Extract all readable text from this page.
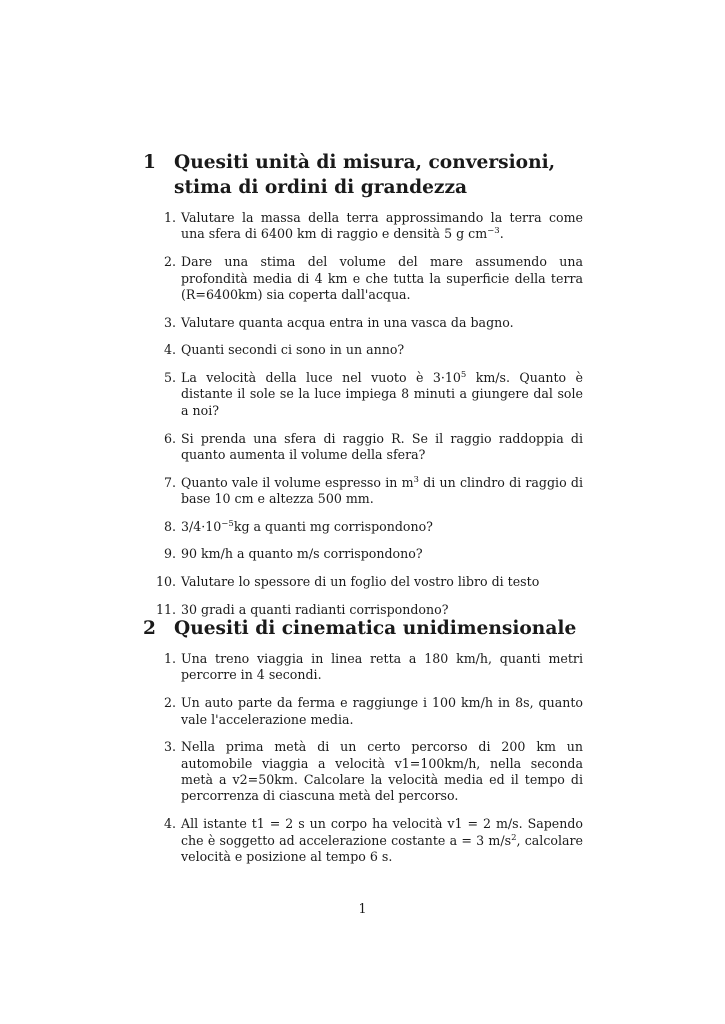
1 Quesiti unità di misura, conversioni, stima di ordini di grandezza
1. Valutare la massa della terra approssimando la terra come una sfera di 6400 km di raggio e densità 5 g $cm^{-3}$.
2. Dare una stima del volume del mare assumendo una profondità media di 4 km e che tutta la superficie della terra (R=6400km) sia coperta dall'acqua.
3. Valutare quanta acqua entra in una vasca da bagno.
4. Quanti secondi ci sono in un anno?
5. La velocità della luce nel vuoto è $3\cdot 10^5$ km/s. Quanto è distante il sole se la luce impiega 8 minuti a giungere dal sole a noi?
6. Si prenda una sfera di raggio R. Se il raggio raddoppia di quanto aumenta il volume della sfera?
7. Quanto vale il volume espresso in $m^3$ di un clindro di raggio di base 10 cm e altezza 500 mm.
8. $3/4\cdot 10^{-5}kg$ a quanti mg corrispondono?
9. 90 km/h a quanto m/s corrispondono?
10. Valutare lo spessore di un foglio del vostro libro di testo
11. 30 gradi a quanti radianti corrispondono?
2 Quesiti di cinematica unidimensionale
1. Una treno viaggia in linea retta a 180 km/h, quanti metri percorre in 4 secondi.
2. Un auto parte da ferma e raggiunge i 100 km/h in 8s, quanto vale l'accelerazione media.
3. Nella prima metà di un certo percorso di 200 km un automobile viaggia a velocità v1=100km/h, nella seconda metà a v2=50km. Calcolare la velocità media ed il tempo di percorrenza di ciascuna metà del percorso.
4. All istante t1 = 2 s un corpo ha velocità v1 = 2 m/s. Sapendo che è soggetto ad accelerazione costante a = 3 $m/s^2$, calcolare velocità e posizione al tempo 6 s.
1
